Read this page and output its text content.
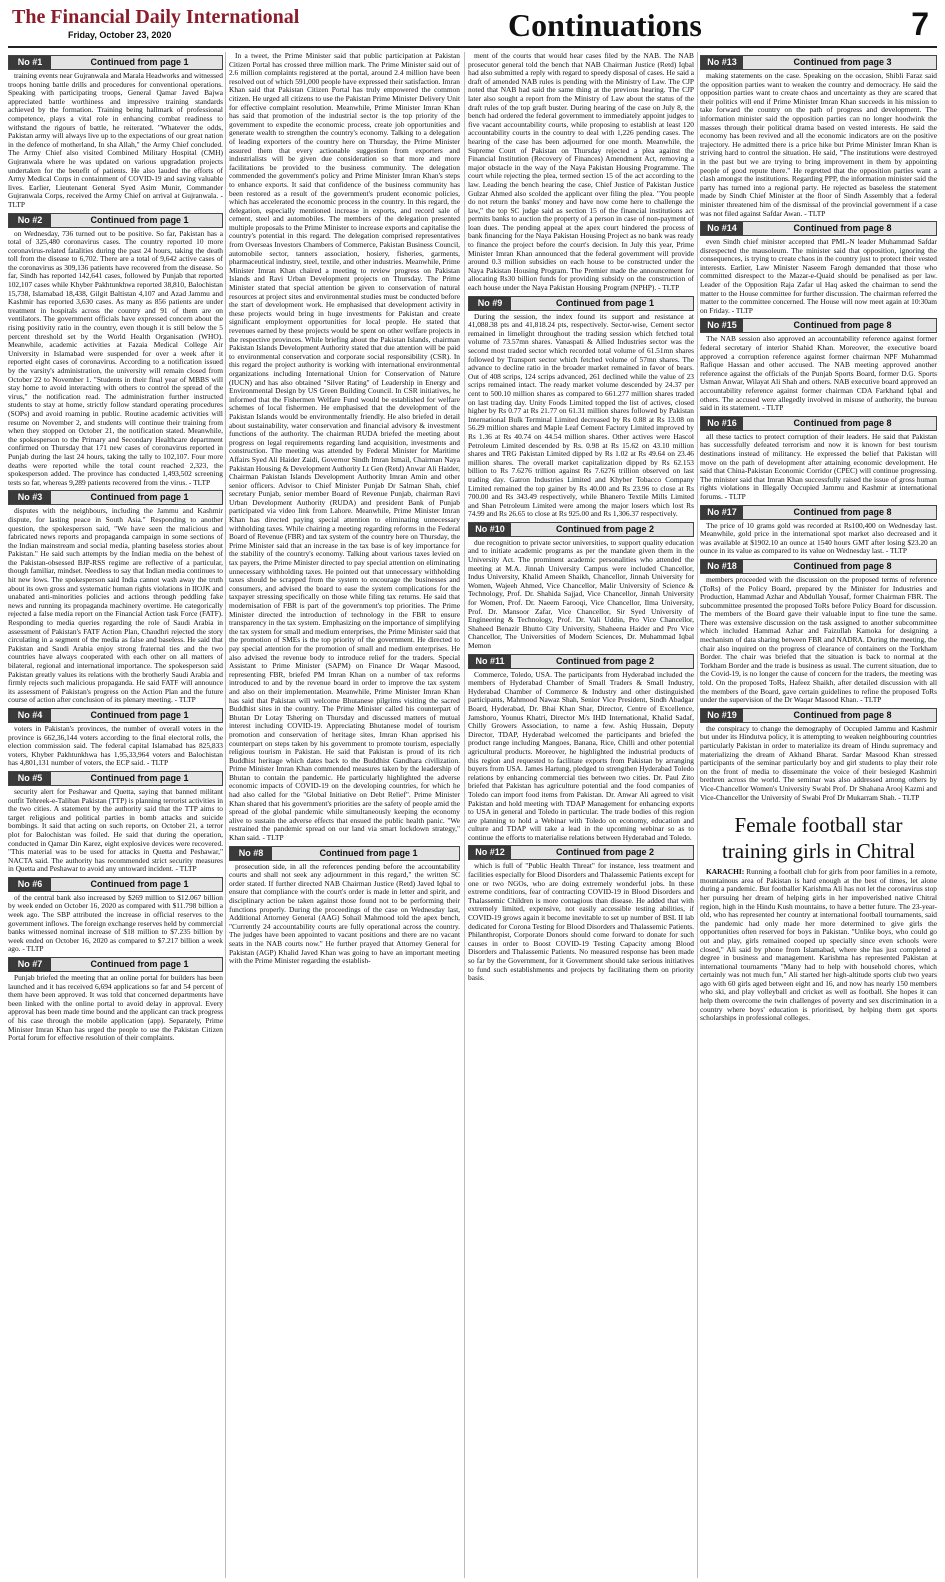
The Financial Daily International
Friday, October 23, 2020	Continuations	7
No #1	Continued from page 1

training events near Gujranwala and Marala Headworks and witnessed troops honing battle drills and procedures for conventional operations. Speaking with participating troops, General Qamar Javed Bajwa appreciated battle worthiness and impressive training standards achieved by the formation. Training being hallmark of professional competence, plays a vital role in enhancing combat readiness to withstand the rigours of battle, he reiterated. "Whatever the odds, Pakistan army will always live up to the expectations of our great nation in the defence of motherland, In sha Allah," the Army Chief concluded. The Army Chief also visited Combined Military Hospital (CMH) Gujranwala where he was updated on various upgradation projects undertaken for the benefit of patients. He also lauded the efforts of Army Medical Corps in containment of COVID-19 and saving valuable lives. Earlier, Lieutenant General Syed Asim Munir, Commander Gujranwala Corps, received the Army Chief on arrival at Gujranwala. - TLTP

No #2	Continued from page 1

on Wednesday, 736 turned out to be positive. So far, Pakistan has a total of 325,480 coronavirus cases. The country reported 10 more coronavirus-related fatalities during the past 24 hours, taking the death toll from the disease to 6,702. There are a total of 9,642 active cases of the coronavirus as 309,136 patients have recovered from the disease. So far, Sindh has reported 142,641 cases, followed by Punjab that reported 102,107 cases while Khyber Pakhtunkhwa reported 38,810, Balochistan 15,738, Islamabad 18,438, Gilgit Baltistan 4,107 and Azad Jammu and Kashmir has reported 3,630 cases. As many as 856 patients are under treatment in hospitals across the country and 91 of them are on ventilators. The government officials have expressed concern about the rising positivity ratio in the country, even though it is still below the 5 percent threshold set by the World Health Organisation (WHO). Meanwhile, academic activities at Fazaia Medical College Air University in Islamabad were suspended for over a week after it reported eight cases of coronavirus. According to a notification issued by the varsity's administration, the university will remain closed from October 22 to November 1. "Students in their final year of MBBS will stay home to avoid interacting with others to control the spread of the virus," the notification read. The administration further instructed students to stay at home, strictly follow standard operating procedures (SOPs) and avoid roaming in public. Routine academic activities will resume on November 2, and students will continue their training from when they stopped on October 21, the notification stated. Meanwhile, the spokesperson to the Primary and Secondary Healthcare department confirmed on Thursday that 171 new cases of coronavirus reported in Punjab during the last 24 hours, taking the tally to 102,107. Four more deaths were reported while the total count reached 2,323, the spokesperson added. The province has conducted 1,493,502 screening tests so far, whereas 9,289 patients recovered from the virus. - TLTP

No #3	Continued from page 1

disputes with the neighbours, including the Jammu and Kashmir dispute, for lasting peace in South Asia." Responding to another question, the spokesperson said, "We have seen the malicious and fabricated news reports and propaganda campaign in some sections of the Indian mainstream and social media, planting baseless stories about Pakistan." He said such attempts by the Indian media on the behest of the Pakistan-obsessed BJP-RSS regime are reflective of a particular, though familiar, mindset. Needless to say that Indian media continues to hit new lows. The spokesperson said India cannot wash away the truth about its own gross and systematic human rights violations in IIOJK and unabated anti-minorities policies and actions through peddling fake news and running its propaganda machinery overtime. He categorically rejected a false media report on the Financial Action task Force (FATF). Responding to media queries regarding the role of Saudi Arabia in assessment of Pakistan's FATF Action Plan, Chaudhri rejected the story circulating in a segment of the media as false and baseless. He said that Pakistan and Saudi Arabia enjoy strong fraternal ties and the two countries have always cooperated with each other on all matters of bilateral, regional and international importance. The spokesperson said Pakistan greatly values its relations with the brotherly Saudi Arabia and firmly rejects such malicious propaganda. He said FATF will announce its assessment of Pakistan's progress on the Action Plan and the future course of action after conclusion of its plenary meeting. - TLTP

No #4	Continued from page 1

voters in Pakistan's provinces, the number of overall voters in the province is 662,36,144 voters according to the final electoral rolls, the election commission said. The federal capital Islamabad has 825,833 voters, Khyber Pakhtunkhwa has 1,95,33,964 voters and Balochistan has 4,801,131 number of voters, the ECP said. - TLTP

No #5	Continued from page 1

security alert for Peshawar and Quetta, saying that banned militant outfit Tehreek-e-Taliban Pakistan (TTP) is planning terrorist activities in the two cities. A statement by the authority said that the TTP aims to target religious and political parties in bomb attacks and suicide bombings. It said that acting on such reports, on October 21, a terror plot for Balochistan was foiled. He said that during the operation, conducted in Qamar Din Karez, eight explosive devices were recovered. "This material was to be used for attacks in Quetta and Peshawar," NACTA said. The authority has recommended strict security measures in Quetta and Peshawar to avoid any untoward incident. - TLTP

No #6	Continued from page 1

of the central bank also increased by $269 million to $12.067 billion by week ended on October 16, 2020 as compared with $11.798 billion a week ago. The SBP attributed the increase in official reserves to the government inflows. The foreign exchange reserves held by commercial banks witnessed nominal increase of $18 million to $7.235 billion by week ended on October 16, 2020 as compared to $7.217 billion a week ago. - TLTP

No #7	Continued from page 1

Punjab briefed the meeting that an online portal for builders has been launched and it has received 6,694 applications so far and 54 percent of them have been approved. It was told that concerned departments have been linked with the online portal to avoid delay in approval. Every approval has been made time bound and the applicant can track progress of his case through the mobile application (app). Separately, Prime Minister Imran Khan has urged the people to use the Pakistan Citizen Portal forum for effective resolution of their complaints.

In a tweet, the Prime Minister said that public participation at Pakistan Citizen Portal has crossed three million mark. The Prime Minister said out of 2.6 million complaints registered at the portal, around 2.4 million have been resolved out of which 591,000 people have expressed their satisfaction. Imran Khan said that Pakistan Citizen Portal has truly empowered the common citizen. He urged all citizens to use the Pakistan Prime Minister Delivery Unit for effective complaint resolution. Meanwhile, Prime Minister Imran Khan has said that promotion of the industrial sector is the top priority of the government to expedite the economic process, create job opportunities and generate wealth to strengthen the country's economy. Talking to a delegation of leading exporters of the country here on Thursday, the Prime Minister assured them that every actionable suggestion from exporters and industrialists will be given due consideration so that more and more facilitations be provided to the business community. The delegation commended the government's policy and Prime Minister Imran Khan's steps to enhance exports. It said that confidence of the business community has been restored as a result of the government's prudent economic policies, which has accelerated the economic process in the country. In this regard, the delegation, especially mentioned increase in exports, and record sale of cement, steel and automobiles. The members of the delegation presented multiple proposals to the Prime Minister to increase exports and capitalise the country's potential in this regard. The delegation comprised representatives from Overseas Investors Chambers of Commerce, Pakistan Business Council, automobile sector, tanners association, hosiery, fisheries, garments, pharmaceutical industry, steel, textile, and other industries. Meanwhile, Prime Minister Imran Khan chaired a meeting to review progress on Pakistan Islands and Ravi Urban Development projects on Thursday. The Prime Minister stated that special attention be given to conservation of natural resources at project sites and environmental studies must be conducted before the start of development work. He emphasised that development activity in these projects would bring in huge investments for Pakistan and create significant employment opportunities for local people. He stated that revenues earned by these projects would be spent on other welfare projects in the respective provinces. While briefing about the Pakistan Islands, chairman Pakistan Islands Development Authority stated that due attention will be paid to environmental conservation and corporate social responsibility (CSR). In this regard the project authority is working with international environmental organizations including International Union for Conservation of Nature (IUCN) and has also obtained "Silver Rating" of Leadership in Energy and Environmental Design by US Green Building Council. In CSR initiatives, he informed that the Fishermen Welfare Fund would be established for welfare schemes of local fishermen. He emphasised that the development of the Pakistan Islands would be environmentally friendly. He also briefed in detail about sustainability, water conservation and financial advisory & investment functions of the authority. The chairman RUDA briefed the meeting about progress on legal requirements regarding land acquisition, investments and construction. The meeting was attended by Federal Minister for Maritime Affairs Syed Ali Haider Zaidi, Governor Sindh Imran Ismail, Chairman Naya Pakistan Housing & Development Authority Lt Gen (Retd) Anwar Ali Haider, Chairman Pakistan Islands Development Authority Imran Amin and other senior officers. Advisor to Chief Minister Punjab Dr Salman Shah, chief secretary Punjab, senior member Board of Revenue Punjab, chairman Ravi Urban Development Authority (RUDA) and president Bank of Punjab participated via video link from Lahore. Meanwhile, Prime Minister Imran Khan has directed paying special attention to eliminating unnecessary withholding taxes. While chairing a meeting regarding reforms in the Federal Board of Revenue (FBR) and tax system of the country here on Thursday, the Prime Minister said that an increase in the tax base is of key importance for the stability of the country's economy. Talking about various taxes levied on tax payers, the Prime Minister directed to pay special attention on eliminating unnecessary withholding taxes. He pointed out that unnecessary withholding taxes should be scrapped from the system to encourage the businesses and consumers, and advised the board to ease the system complications for the taxpayer stressing specifically on those while filing tax returns. He said that modernisation of FBR is part of the government's top priorities. The Prime Minister directed the introduction of technology in the FBR to ensure transparency in the tax system. Emphasizing on the importance of simplifying the tax system for small and medium enterprises, the Prime Minister said that the promotion of SMEs is the top priority of the government. He directed to pay special attention for the promotion of small and medium enterprises. He also advised the revenue body to introduce relief for the traders. Special Assistant to Prime Minister (SAPM) on Finance Dr Waqar Masood, representing FBR, briefed PM Imran Khan on a number of tax reforms introduced to and by the revenue board in order to improve the tax system and also on their implementation. Meanwhile, Prime Minister Imran Khan has said that Pakistan will welcome Bhutanese pilgrims visiting the sacred Buddhist sites in the country. The Prime Minister called his counterpart of Bhutan Dr Lotay Tshering on Thursday and discussed matters of mutual interest including COVID-19. Appreciating Bhutanese model of tourism promotion and conservation of heritage sites, Imran Khan apprised his counterpart on steps taken by his government to promote tourism, especially religious tourism in Pakistan. He said that Pakistan is proud of its rich Buddhist heritage which dates back to the Buddhist Gandhara civilization. Prime Minister Imran Khan commended measures taken by the leadership of Bhutan to contain the pandemic. He particularly highlighted the adverse economic impacts of COVID-19 on the developing countries, for which he had also called for the "Global Initiative on Debt Relief". Prime Minister Khan shared that his government's priorities are the safety of people amid the spread of the global pandemic while simultaneously keeping the economy alive to sustain the adverse effects that ensued the public health panic. "We restrained the pandemic spread on our land via smart lockdown strategy," Khan said. - TLTP

No #8	Continued from page 1

prosecution side, in all the references pending before the accountability courts and shall not seek any adjournment in this regard," the written SC order stated. If further directed NAB Chairman Justice (Retd) Javed Iqbal to ensure that compliance with the court's order is made in letter and spirit, and disciplinary action be taken against those found not to be performing their functions properly. During the proceedings of the case on Wednesday last, Additional Attorney General (AAG) Sohail Mahmood told the apex bench, "Currently 24 accountability courts are fully operational across the country. The judges have been appointed to vacant positions and there are no vacant seats in the NAB courts now." He further prayed that Attorney General for Pakistan (AGP) Khalid Javed Khan was going to have an important meeting with the Prime Minister regarding the establish-

ment of the courts that would hear cases filed by the NAB. The NAB prosecutor general told the bench that NAB Chairman Justice (Retd) Iqbal had also submitted a reply with regard to speedy disposal of cases. He said a draft of amended NAB rules is pending with the Ministry of Law. The CJP noted that NAB had said the same thing at the previous hearing. The CJP later also sought a report from the Ministry of Law about the status of the draft rules of the top graft buster. During hearing of the case on July 8, the bench had ordered the federal government to immediately appoint judges to five vacant accountability courts, while proposing to establish at least 120 accountability courts in the country to deal with 1,226 pending cases. The hearing of the case has been adjourned for one month. Meanwhile, the Supreme Court of Pakistan on Thursday rejected a plea against the Financial Institution (Recovery of Finances) Amendment Act, removing a major obstacle in the way of the Naya Pakistan Housing Programme. The court while rejecting the plea, termed section 15 of the act according to the law. Leading the bench hearing the case, Chief Justice of Pakistan Justice Gulzar Ahmed also scolded the applicant over filing the plea. "You people do not return the banks' money and have now come here to challenge the law," the top SC judge said as section 15 of the financial institutions act permits banks to auction the property of a person in case of non-payment of loan dues. The pending appeal at the apex court hindered the process of bank financing for the Naya Pakistan Housing Project as no bank was ready to finance the project before the court's decision. In July this year, Prime Minister Imran Khan announced that the federal government will provide around 0.3 million subsidies on each house to be constructed under the Naya Pakistan Housing Program. The Premier made the announcement for allocating Rs30 billion funds for providing subsidy on the construction of each house under the Naya Pakistan Housing Program (NPHP). - TLTP

No #9	Continued from page 1

During the session, the index found its support and resistance at 41,088.38 pts and 41,818.24 pts, respectively. Sector-wise, Cement sector remained in limelight throughout the trading session which fetched total volume of 73.57mn shares. Vanaspati & Allied Industries sector was the second most traded sector which recorded total volume of 61.51mn shares followed by Transport sector which fetched volume of 57mn shares. The advance to decline ratio in the broader market remained in favor of bears. Out of 408 scrips, 124 scrips advanced, 261 declined while the value of 23 scrips remained intact. The ready market volume descended by 24.37 per cent to 500.10 million shares as compared to 661.277 million shares traded on last trading day. Unity Foods Limited topped the list of actives, closed higher by Rs 0.77 at Rs 21.77 on 61.31 million shares followed by Pakistan International Bulk Terminal Limited decreased by Rs 0.88 at Rs 13.08 on 56.29 million shares and Maple Leaf Cement Factory Limited improved by Rs 1.36 at Rs 40.74 on 44.54 million shares. Other actives were Hascol Petroleum Limited descended by Rs. 0.98 at Rs 15.62 on 43.10 million shares and TRG Pakistan Limited dipped by Rs 1.02 at Rs 49.64 on 23.46 million shares. The overall market capitalization dipped by Rs 62.153 billion to Rs 7.6276 trillion against Rs 7.6276 trillion observed on last trading day. Gatron Industries Limited and Khyber Tobacco Company Limited remained the top gainer by Rs 40.00 and Rs 23.96 to close at Rs 700.00 and Rs 343.49 respectively, while Bhanero Textile Mills Limited and Shan Petroleum Limited were among the major losers which lost Rs 74.99 and Rs 26.65 to close at Rs 925.00 and Rs 1,306.37 respectively.

No #10	Continued from page 2

due recognition to private sector universities, to support quality education and to initiate academic programs as per the mandate given them in the University Act. The prominent academic personalities who attended the meeting at M.A. Jinnah University Campus were included Chancellor, Indus University, Khalid Ameen Shaikh, Chancellor, Jinnah University for Women, Wajeeh Ahmed, Vice Chancellor, Malir University of Science & Technology, Prof. Dr. Shahida Sajjad, Vice Chancellor, Jinnah University for Women, Prof. Dr. Naeem Farooqi, Vice Chancellor, Ilma University, Prof. Dr. Mansoor Zafar, Vice Chancellor, Sir Syed University of Engineering & Technology, Prof. Dr. Vali Uddin, Pro Vice Chancellor, Shaheed Benazir Bhutto City University, Shaheena Haider and Pro Vice Chancellor, The Universities of Modern Sciences, Dr. Muhammad Iqbal Memon

No #11	Continued from page 2

Commerce, Toledo, USA. The participants from Hyderabad included the members of Hyderabad Chamber of Small Traders & Small Industry, Hyderabad Chamber of Commerce & Industry and other distinguished participants, Mahmood Nawaz Shah, Senior Vice President, Sindh Abadgar Board, Hyderabad, Dr. Bhai Khan Shar, Director, Centre of Excellence, Jamshoro, Younus Khatri, Director M/s IHD International, Khalid Sadaf, Chilly Growers Association, to name a few. Ashiq Hussain, Deputy Director, TDAP, Hyderabad welcomed the participants and briefed the product range including Mangoes, Banana, Rice, Chilli and other potential agricultural products. Moreover, he highlighted the industrial products of this region and requested to facilitate exports from Pakistan by arranging buyers from USA. James Hartung, pledged to strengthen Hyderabad Toledo relations by enhancing commercial ties between two cities. Dr. Paul Zito briefed that Pakistan has agriculture potential and the food companies of Toledo can import food items from Pakistan. Dr. Anwar Ali agreed to visit Pakistan and hold meeting with TDAP Management for enhancing exports to USA in general and Toledo in particular. The trade bodies of this region are planning to hold a Webinar with Toledo on economy, education and culture and TDAP will take a lead in the upcoming webinar so as to continue the efforts to materialise relations between Hyderabad and Toledo.

No #12	Continued from page 2

which is full of "Public Health Threat" for instance, less treatment and facilities especially for Blood Disorders and Thalassemic Patients except for one or two NGOs, who are doing extremely wonderful jobs. In these extreme conditions, fear of contracting COVID-19 in Blood Disorders and Thalassemic Children is more contagious than disease. He added that with extremely limited, expensive, not easily accessible testing abilities, if COVID-19 grows again it become inevitable to set up number of BSL II lab dedicated for Corona Testing for Blood Disorders and Thalassemic Patients. Philanthropist, Corporate Donors should come forward to donate for such causes in order to Boost COVID-19 Testing Capacity among Blood Disorders and Thalassemic Patients. No measured response has been made so far by the Government, for it Government should take serious initiatives to fund such establishments and projects by facilitating them on priority basis.

No #13	Continued from page 3

making statements on the case. Speaking on the occasion, Shibli Faraz said the opposition parties want to weaken the country and democracy. He said the opposition parties want to create chaos and uncertainty as they are scared that their politics will end if Prime Minister Imran Khan succeeds in his mission to take forward the country on the path of progress and development. The information minister said the opposition parties can no longer hoodwink the masses through their political drama based on vested interests. He said the economy has been revived and all the economic indicators are on the positive trajectory. He admitted there is a price hike but Prime Minister Imran Khan is striving hard to control the situation. He said, "The institutions were destroyed in the past but we are trying to bring improvement in them by appointing people of good repute there." He regretted that the opposition parties want a clash amongst the institutions. Regarding PPP, the information minister said the party has turned into a regional party. He rejected as baseless the statement made by Sindh Chief Minister at the floor of Sindh Assembly that a federal minister threatened him of the dismissal of the provincial government if a case was not filed against Safdar Awan. - TLTP

No #14	Continued from page 8

even Sindh chief minister accepted that PML-N leader Muhammad Safdar disrespected the mausoleum. The minister said that opposition, ignoring the consequences, is trying to create chaos in the country just to protect their vested interests. Earlier, Law Minister Naseem Farogh demanded that those who committed disrespect to the Mazar-e-Quaid should be penalised as per law. Leader of the Opposition Raja Zafar ul Haq asked the chairman to send the matter to the House committee for further discussion. The chairman referred the matter to the committee concerned. The House will now meet again at 10:30am on Friday. - TLTP

No #15	Continued from page 8

The NAB session also approved an accountability reference against former federal secretary of interior Shahid Khan. Moreover, the executive board approved a corruption reference against former chairman NPF Muhammad Rafique Hassan and other accused. The NAB meeting approved another reference against the officials of the Punjab Sports Board, former D.G. Sports Usman Anwar, Wilayat Ali Shah and others. NAB executive board approved an accountability reference against former chairman CDA Farkhand Iqbal and others. The accused were allegedly involved in misuse of authority, the bureau said in its statement. - TLTP

No #16	Continued from page 8

all these tactics to protect corruption of their leaders. He said that Pakistan has successfully defeated terrorism and now it is known for best tourism destinations instead of militancy. He expressed the belief that Pakistan will move on the path of development after attaining economic development. He said that China-Pakistan Economic Corridor (CPEC) will continue progressing. The minister said that Imran Khan successfully raised the issue of gross human rights violations in Illegally Occupied Jammu and Kashmir at international forums. - TLTP

No #17	Continued from page 8

The price of 10 grams gold was recorded at Rs100,400 on Wednesday last. Meanwhile, gold price in the international spot market also decreased and it was available at $1902.10 an ounce at 1540 hours GMT after losing $23.20 an ounce in its value as compared to its value on Wednesday last. - TLTP

No #18	Continued from page 8

members proceeded with the discussion on the proposed terms of reference (ToRs) of the Policy Board, prepared by the Minister for Industries and Production, Hammad Azhar and Abdullah Yousaf, former Chairman FBR. The subcommittee presented the proposed ToRs before Policy Board for discussion. The members of the Board gave their valuable input to fine tune the same. There was extensive discussion on the task assigned to another subcommittee which included Hammad Azhar and Faizullah Kamoka for designing a mechanism of data sharing between FBR and NADRA. During the meeting, the chair also inquired on the progress of clearance of containers on the Torkham Border. The chair was briefed that the situation is back to normal at the Torkham Border and the trade is business as usual. The current situation, due to the Covid-19, is no longer the cause of concern for the traders, the meeting was told. On the proposed ToRs, Hafeez Shaikh, after detailed discussion with all the members of the Board, gave certain guidelines to refine the proposed ToRs under the supervision of the Dr Waqar Masood Khan. - TLTP

No #19	Continued from page 8

the conspiracy to change the demography of Occupied Jammu and Kashmir but under its Hindutva policy, it is attempting to weaken neighbouring countries particularly Pakistan in order to materialize its dream of Hindu supremacy and materializing the dream of Akhand Bharat. Sardar Masood Khan stressed participants of the seminar particularly boy and girl students to play their role on the front of media to disseminate the voice of their besieged Kashmiri brethren across the world. The seminar was also addressed among others by Vice-Chancellor Women's University Swabi Prof. Dr Shahana Arooj Kazmi and Vice-Chancellor the University of Swabi Prof Dr Mukarram Shah. - TLTP

Female football star training girls in Chitral

KARACHI: Running a football club for girls from poor families in a remote, mountainous area of Pakistan is hard enough at the best of times, let alone during a pandemic. But footballer Karishma Ali has not let the coronavirus stop her pursuing her dream of helping girls in her impoverished native Chitral region, high in the Hindu Kush mountains, to have a better future. The 23-year-old, who has represented her country at international football tournaments, said the pandemic had only made her more determined to give girls the opportunities often reserved for boys in Pakistan. "Unlike boys, who could go out and play, girls remained cooped up specially since even schools were closed," Ali said by phone from Islamabad, where she has just completed a degree in business and management. Karishma has represented Pakistan at international tournaments "Many had to help with household chores, which certainly was not much fun," Ali started her high-altitude sports club two years ago with 60 girls aged between eight and 16, and now has nearly 150 members who ski, and play volleyball and cricket as well as football. She hopes it can help them overcome the twin challenges of poverty and sex discrimination in a country where boys' education is prioritised, by helping them get sports scholarships in professional colleges.
